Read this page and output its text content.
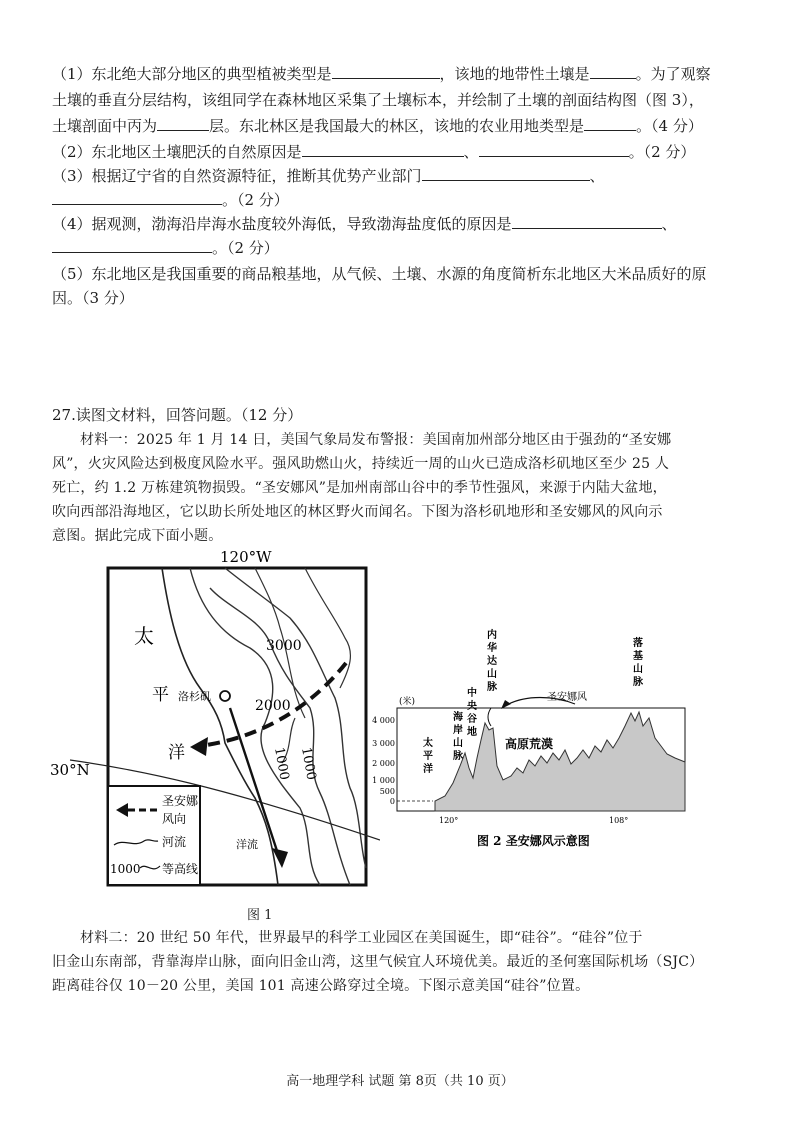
（1）东北绝大部分地区的典型植被类型是	，该地的地带性土壤是	。为了观察
土壤的垂直分层结构，该组同学在森林地区采集了土壤标本，并绘制了土壤的剖面结构图（图 3），
土壤剖面中丙为	层。东北林区是我国最大的林区，该地的农业用地类型是	。（4 分）
（2）东北地区土壤肥沃的自然原因是	、	。（2 分）
（3）根据辽宁省的自然资源特征，推断其优势产业部门	、
。（2 分）
（4）据观测，渤海沿岸海水盐度较外海低，导致渤海盐度低的原因是	、
。（2 分）
（5）东北地区是我国重要的商品粮基地，从气候、土壤、水源的角度简析东北地区大米品质好的原
因。（3 分）
27.读图文材料，回答问题。（12 分）
材料一：2025 年 1 月 14 日，美国气象局发布警报：美国南加州部分地区由于强劲的“圣安娜
风”，火灾风险达到极度风险水平。强风助燃山火，持续近一周的山火已造成洛杉矶地区至少 25 人
死亡，约 1.2 万栋建筑物损毁。“圣安娜风”是加州南部山谷中的季节性强风，来源于内陆大盆地，
吹向西部沿海地区，它以助长所处地区的林区野火而闻名。下图为洛杉矶地形和圣安娜风的风向示
意图。据此完成下面小题。
120°W
30°N
洋流
洛杉矶
太
平
洋
3000
2000
1000 1000
圣安娜
风向
河流
1000 等高线
图 1
(米)
4 000
3 000
2 000
1 000
500
0
圣安娜风
高原荒漠
太
平
洋
海
岸
山
脉
中
央
谷
地
内
华
达
山
脉
落
基
山
脉
120°	108°
图 2 圣安娜风示意图
材料二：20 世纪 50 年代，世界最早的科学工业园区在美国诞生，即“硅谷”。“硅谷”位于
旧金山东南部，背靠海岸山脉，面向旧金山湾，这里气候宜人环境优美。最近的圣何塞国际机场（SJC）
距离硅谷仅 10－20 公里，美国 101 高速公路穿过全境。下图示意美国“硅谷”位置。
高一地理学科 试题 第 8页（共 10 页）
